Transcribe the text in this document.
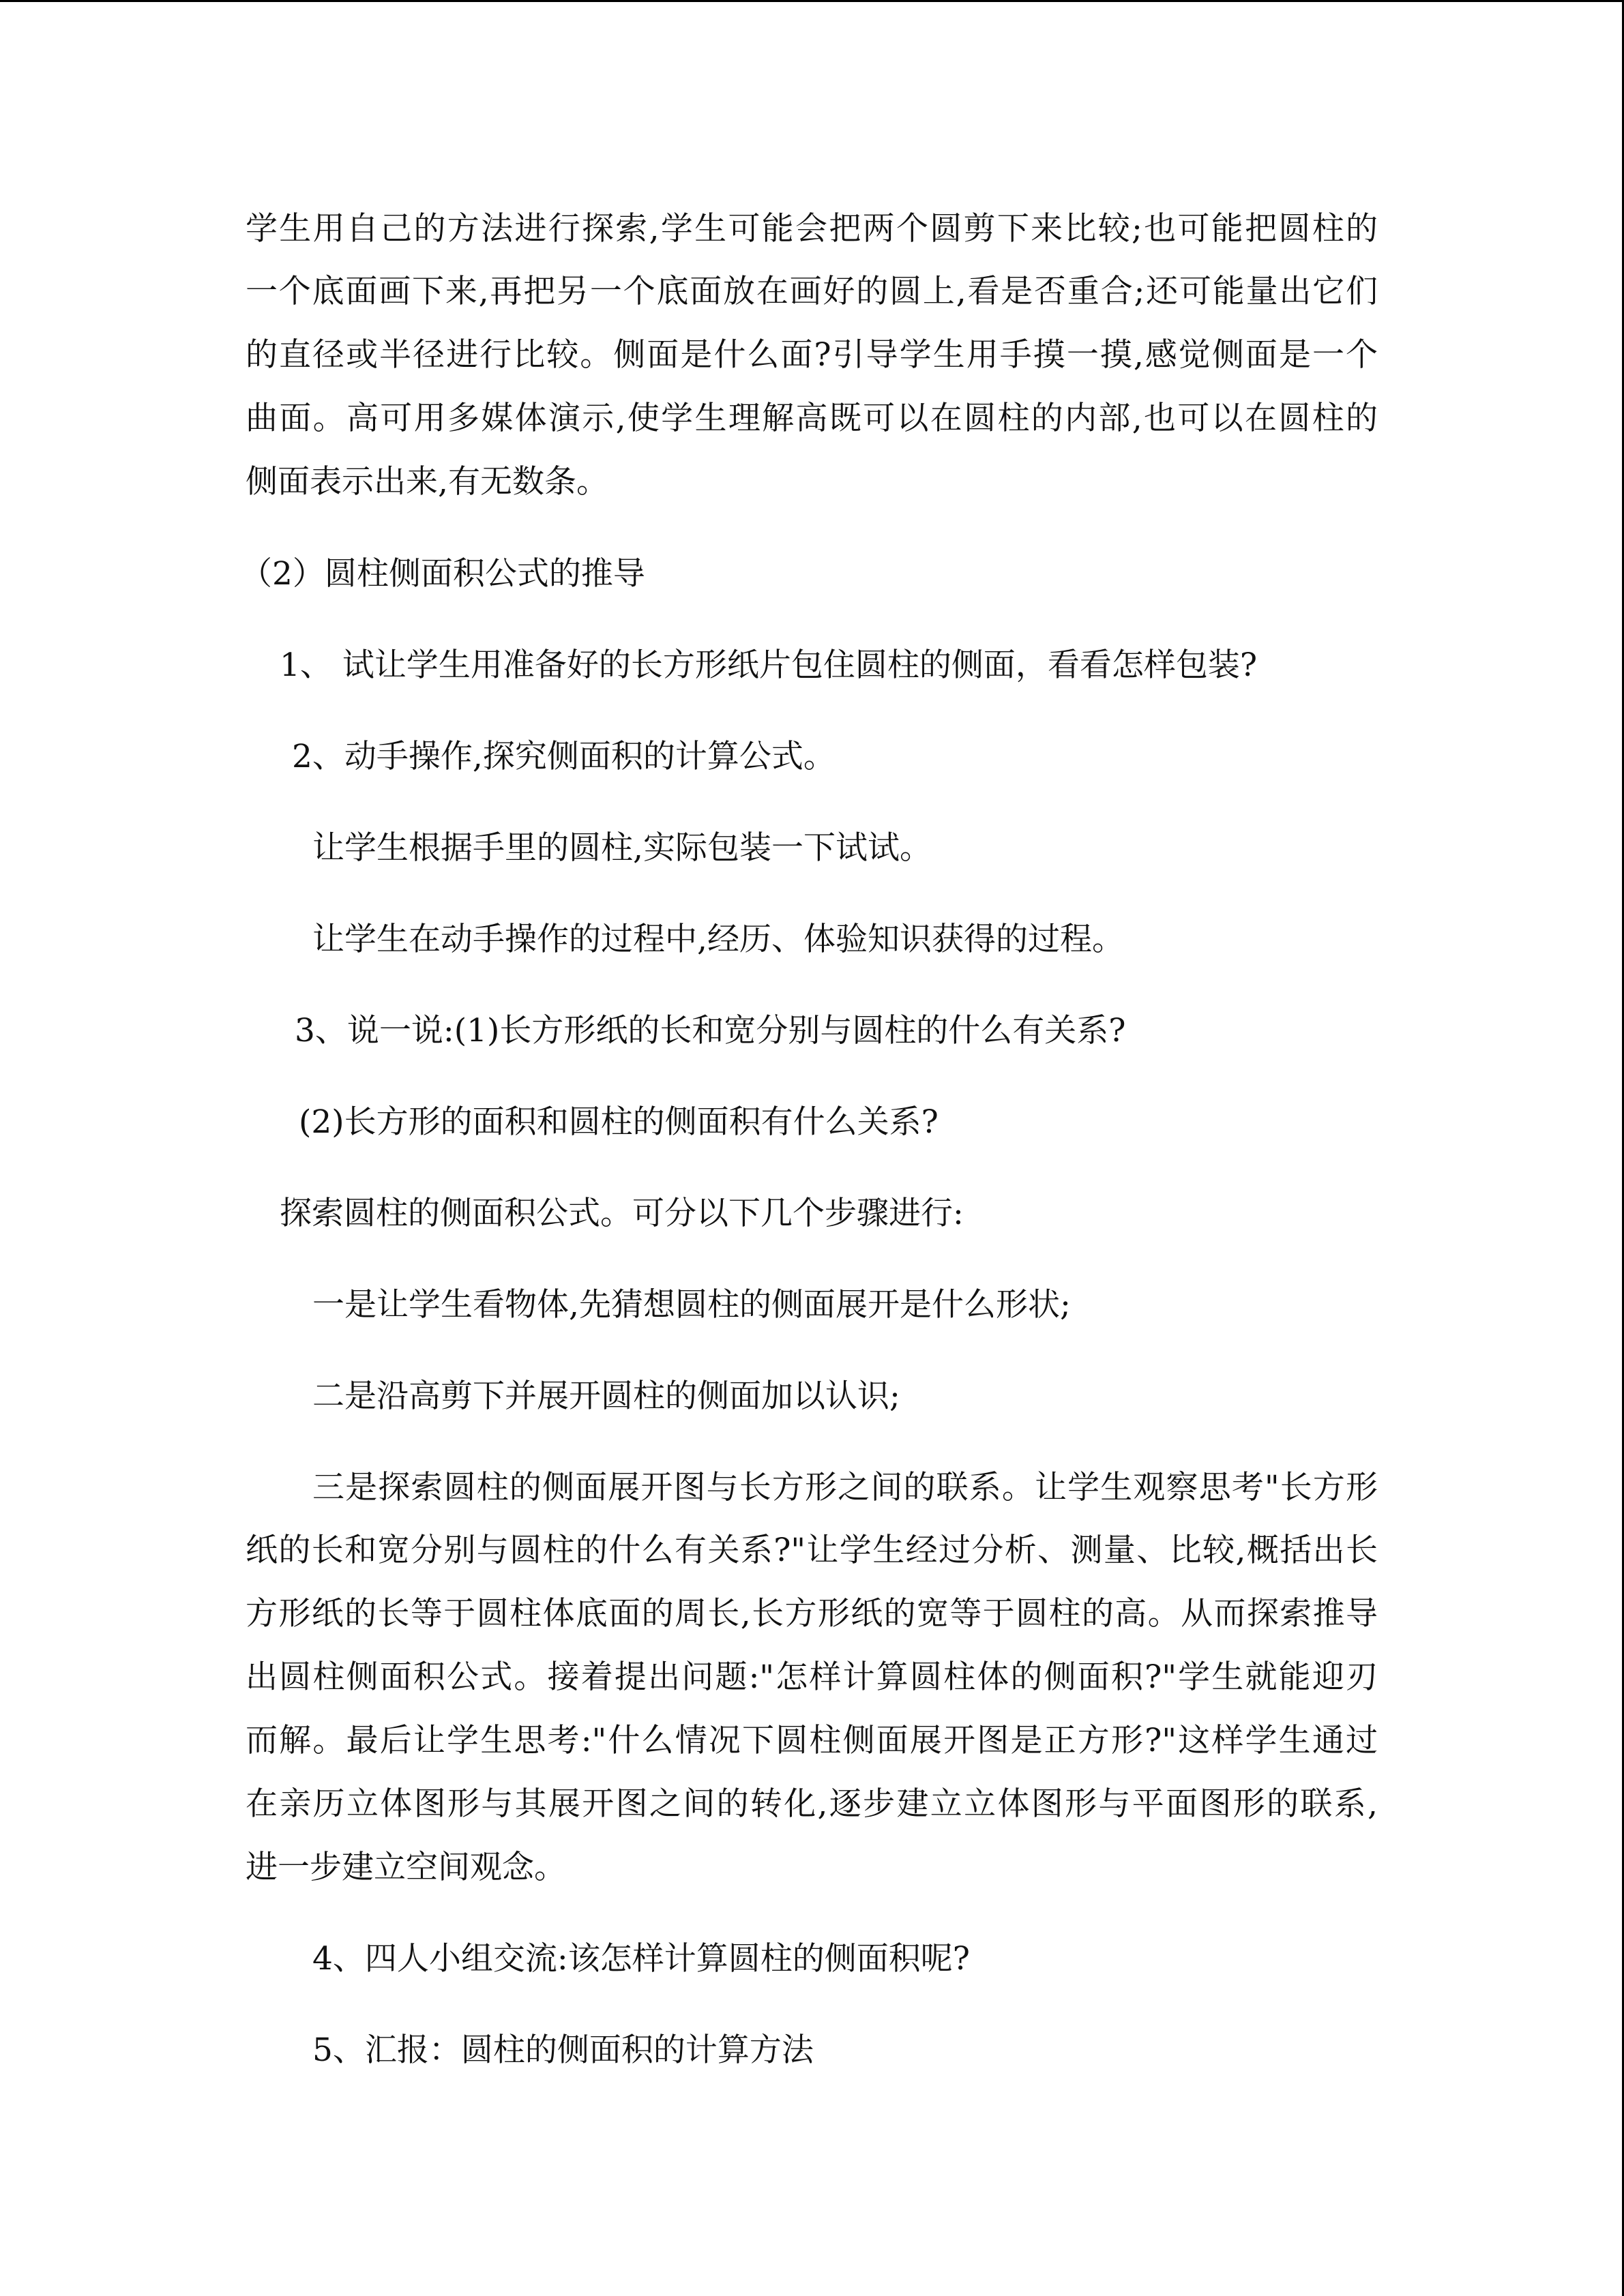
学生用自己的方法进行探索,学生可能会把两个圆剪下来比较;也可能把圆柱的
一个底面画下来,再把另一个底面放在画好的圆上,看是否重合;还可能量出它们
的直径或半径进行比较。侧面是什么面?引导学生用手摸一摸,感觉侧面是一个
曲面。高可用多媒体演示,使学生理解高既可以在圆柱的内部,也可以在圆柱的
侧面表示出来,有无数条。
（2）圆柱侧面积公式的推导
1、 试让学生用准备好的长方形纸片包住圆柱的侧面，看看怎样包装?
2、动手操作,探究侧面积的计算公式。
让学生根据手里的圆柱,实际包装一下试试。
让学生在动手操作的过程中,经历、体验知识获得的过程。
3、说一说:(1)长方形纸的长和宽分别与圆柱的什么有关系?
(2)长方形的面积和圆柱的侧面积有什么关系?
探索圆柱的侧面积公式。可分以下几个步骤进行:
一是让学生看物体,先猜想圆柱的侧面展开是什么形状;
二是沿高剪下并展开圆柱的侧面加以认识;
三是探索圆柱的侧面展开图与长方形之间的联系。让学生观察思考"长方形
纸的长和宽分别与圆柱的什么有关系?"让学生经过分析、测量、比较,概括出长
方形纸的长等于圆柱体底面的周长,长方形纸的宽等于圆柱的高。从而探索推导
出圆柱侧面积公式。接着提出问题:"怎样计算圆柱体的侧面积?"学生就能迎刃
而解。最后让学生思考:"什么情况下圆柱侧面展开图是正方形?"这样学生通过
在亲历立体图形与其展开图之间的转化,逐步建立立体图形与平面图形的联系,
进一步建立空间观念。
4、四人小组交流:该怎样计算圆柱的侧面积呢?
5、汇报：圆柱的侧面积的计算方法
